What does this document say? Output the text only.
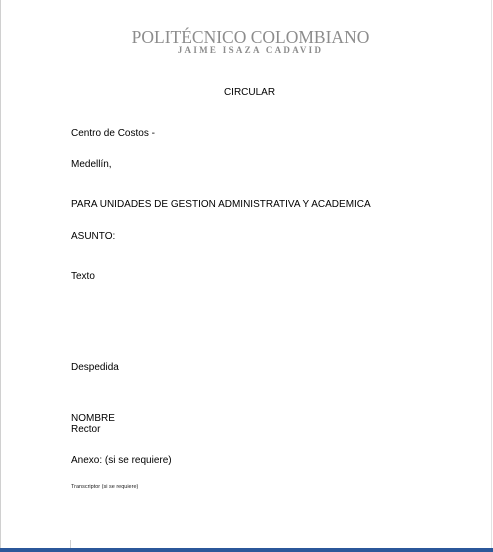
POLITÉCNICO COLOMBIANO
JAIME ISAZA CADAVID
CIRCULAR
Centro de Costos -
Medellín,
PARA UNIDADES DE GESTION ADMINISTRATIVA Y ACADEMICA
ASUNTO:
Texto
Despedida
NOMBRE
Rector
Anexo: (si se requiere)
Transcriptor (si se requiere)
